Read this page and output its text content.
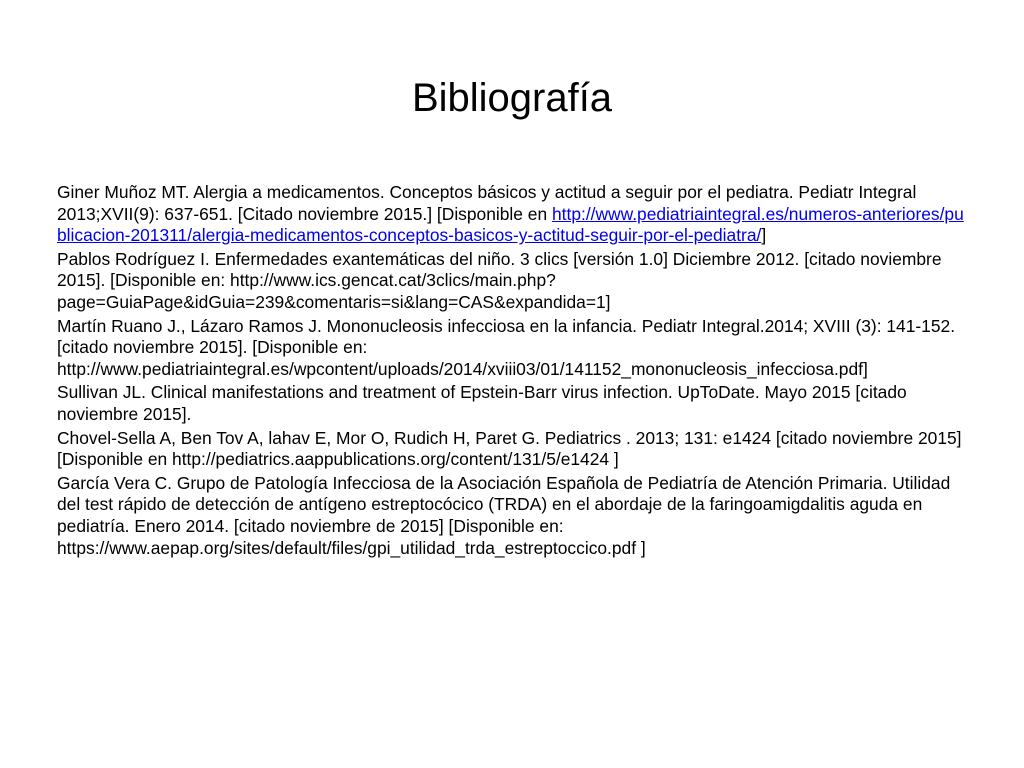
Bibliografía
Giner Muñoz MT. Alergia a medicamentos. Conceptos básicos y actitud a seguir por el pediatra. Pediatr Integral 2013;XVII(9): 637-651. [Citado noviembre 2015.] [Disponible en http://www.pediatriaintegral.es/numeros-anteriores/publicacion-201311/alergia-medicamentos-conceptos-basicos-y-actitud-seguir-por-el-pediatra/]
Pablos Rodríguez I. Enfermedades exantemáticas del niño. 3 clics [versión 1.0] Diciembre 2012. [citado noviembre 2015]. [Disponible en: http://www.ics.gencat.cat/3clics/main.php?page=GuiaPage&idGuia=239&comentaris=si&lang=CAS&expandida=1]
Martín Ruano J., Lázaro Ramos J. Mononucleosis infecciosa en la infancia. Pediatr Integral.2014; XVIII (3): 141-152. [citado noviembre 2015]. [Disponible en: http://www.pediatriaintegral.es/wpcontent/uploads/2014/xviii03/01/141152_mononucleosis_infecciosa.pdf]
Sullivan JL. Clinical manifestations and treatment of Epstein-Barr virus infection. UpToDate. Mayo 2015 [citado noviembre 2015].
Chovel-Sella A, Ben Tov A, lahav E, Mor O, Rudich H, Paret G. Pediatrics . 2013; 131: e1424 [citado noviembre 2015] [Disponible en http://pediatrics.aappublications.org/content/131/5/e1424 ]
García Vera C. Grupo de Patología Infecciosa de la Asociación Española de Pediatría de Atención Primaria. Utilidad del test rápido de detección de antígeno estreptocócico (TRDA) en el abordaje de la faringoamigdalitis aguda en pediatría. Enero 2014. [citado noviembre de 2015] [Disponible en: https://www.aepap.org/sites/default/files/gpi_utilidad_trda_estreptoccico.pdf ]
